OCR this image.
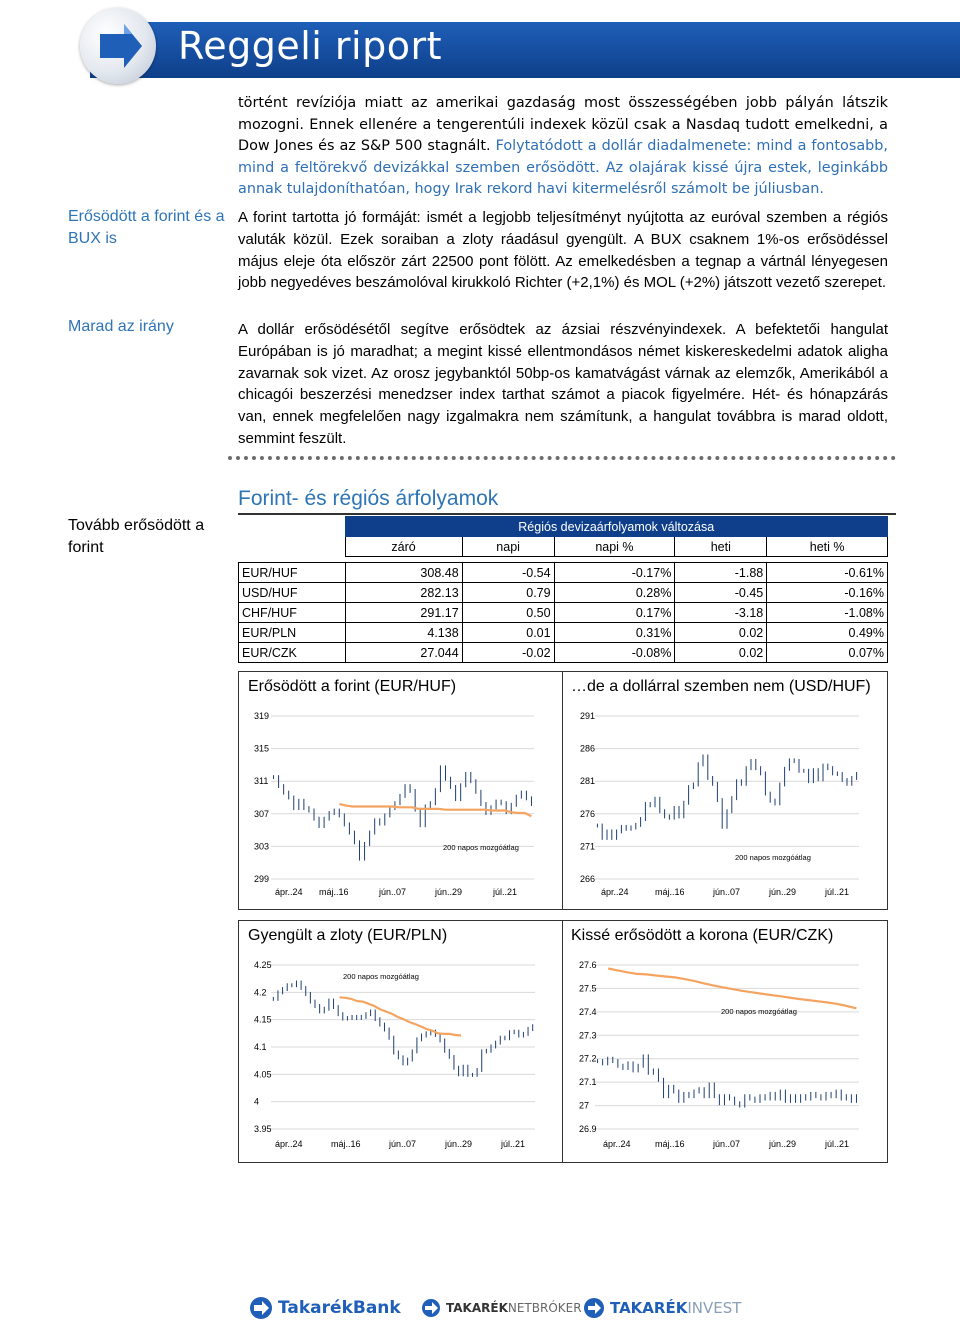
Reggeli riport
történt revíziója miatt az amerikai gazdaság most összességében jobb pályán látszik mozogni. Ennek ellenére a tengerentúli indexek közül csak a Nasdaq tudott emelkedni, a Dow Jones és az S&P 500 stagnált. Folytatódott a dollár diadalmenete: mind a fontosabb, mind a feltörekvő devizákkal szemben erősödött. Az olajárak kissé újra estek, leginkább annak tulajdoníthatóan, hogy Irak rekord havi kitermelésről számolt be júliusban.
Erősödött a forint és a BUX is
Marad az irány
Tovább erősödött a forint
A forint tartotta jó formáját: ismét a legjobb teljesítményt nyújtotta az euróval szemben a régiós valuták közül. Ezek soraiban a zloty ráadásul gyengült. A BUX csaknem 1%-os erősödéssel május eleje óta először zárt 22500 pont fölött. Az emelkedésben a tegnap a vártnál lényegesen jobb negyedéves beszámolóval kirukkoló Richter (+2,1%) és MOL (+2%) játszott vezető szerepet.
A dollár erősödésétől segítve erősödtek az ázsiai részvényindexek. A befektetői hangulat Európában is jó maradhat; a megint kissé ellentmondásos német kiskereskedelmi adatok aligha zavarnak sok vizet. Az orosz jegybanktól 50bp-os kamatvágást várnak az elemzők, Amerikából a chicagói beszerzési menedzser index tarthat számot a piacok figyelmére. Hét- és hónapzárás van, ennek megfelelően nagy izgalmakra nem számítunk, a hangulat továbbra is marad oldott, semmint feszült.
Forint- és régiós árfolyamok
	Régiós devizaárfolyamok változása				
	záró	napi	napi %	heti	heti %

EUR/HUF	308.48	-0.54	-0.17%	-1.88	-0.61%
USD/HUF	282.13	0.79	0.28%	-0.45	-0.16%
CHF/HUF	291.17	0.50	0.17%	-3.18	-1.08%
EUR/PLN	4.138	0.01	0.31%	0.02	0.49%
EUR/CZK	27.044	-0.02	-0.08%	0.02	0.07%
Erősödött a forint (EUR/HUF)	…de a dollárral szemben nem (USD/HUF)
319
315
311
307
303
299
ápr..24 máj..16	jún..07	jún..29	júl..21
200 napos mozgóátlag
291
286
281
276
271
266
ápr..24	máj..16	jún..07	jún..29	júl..21
200 napos mozgóátlag
Gyengült a zloty (EUR/PLN)	Kissé erősödött a korona (EUR/CZK)
4.25
4.2
4.15
4.1
4.05
4
3.95
ápr..24	máj..16	jún..07	jún..29	júl..21
200 napos mozgóátlag
27.6
27.5
27.4
27.3
27.2
27.1
27
26.9
ápr..24	máj..16	jún..07	jún..29	júl..21
200 napos mozgóátlag
TakarékBank	TAKARÉK NETBRÓKER TAKARÉK INVEST
